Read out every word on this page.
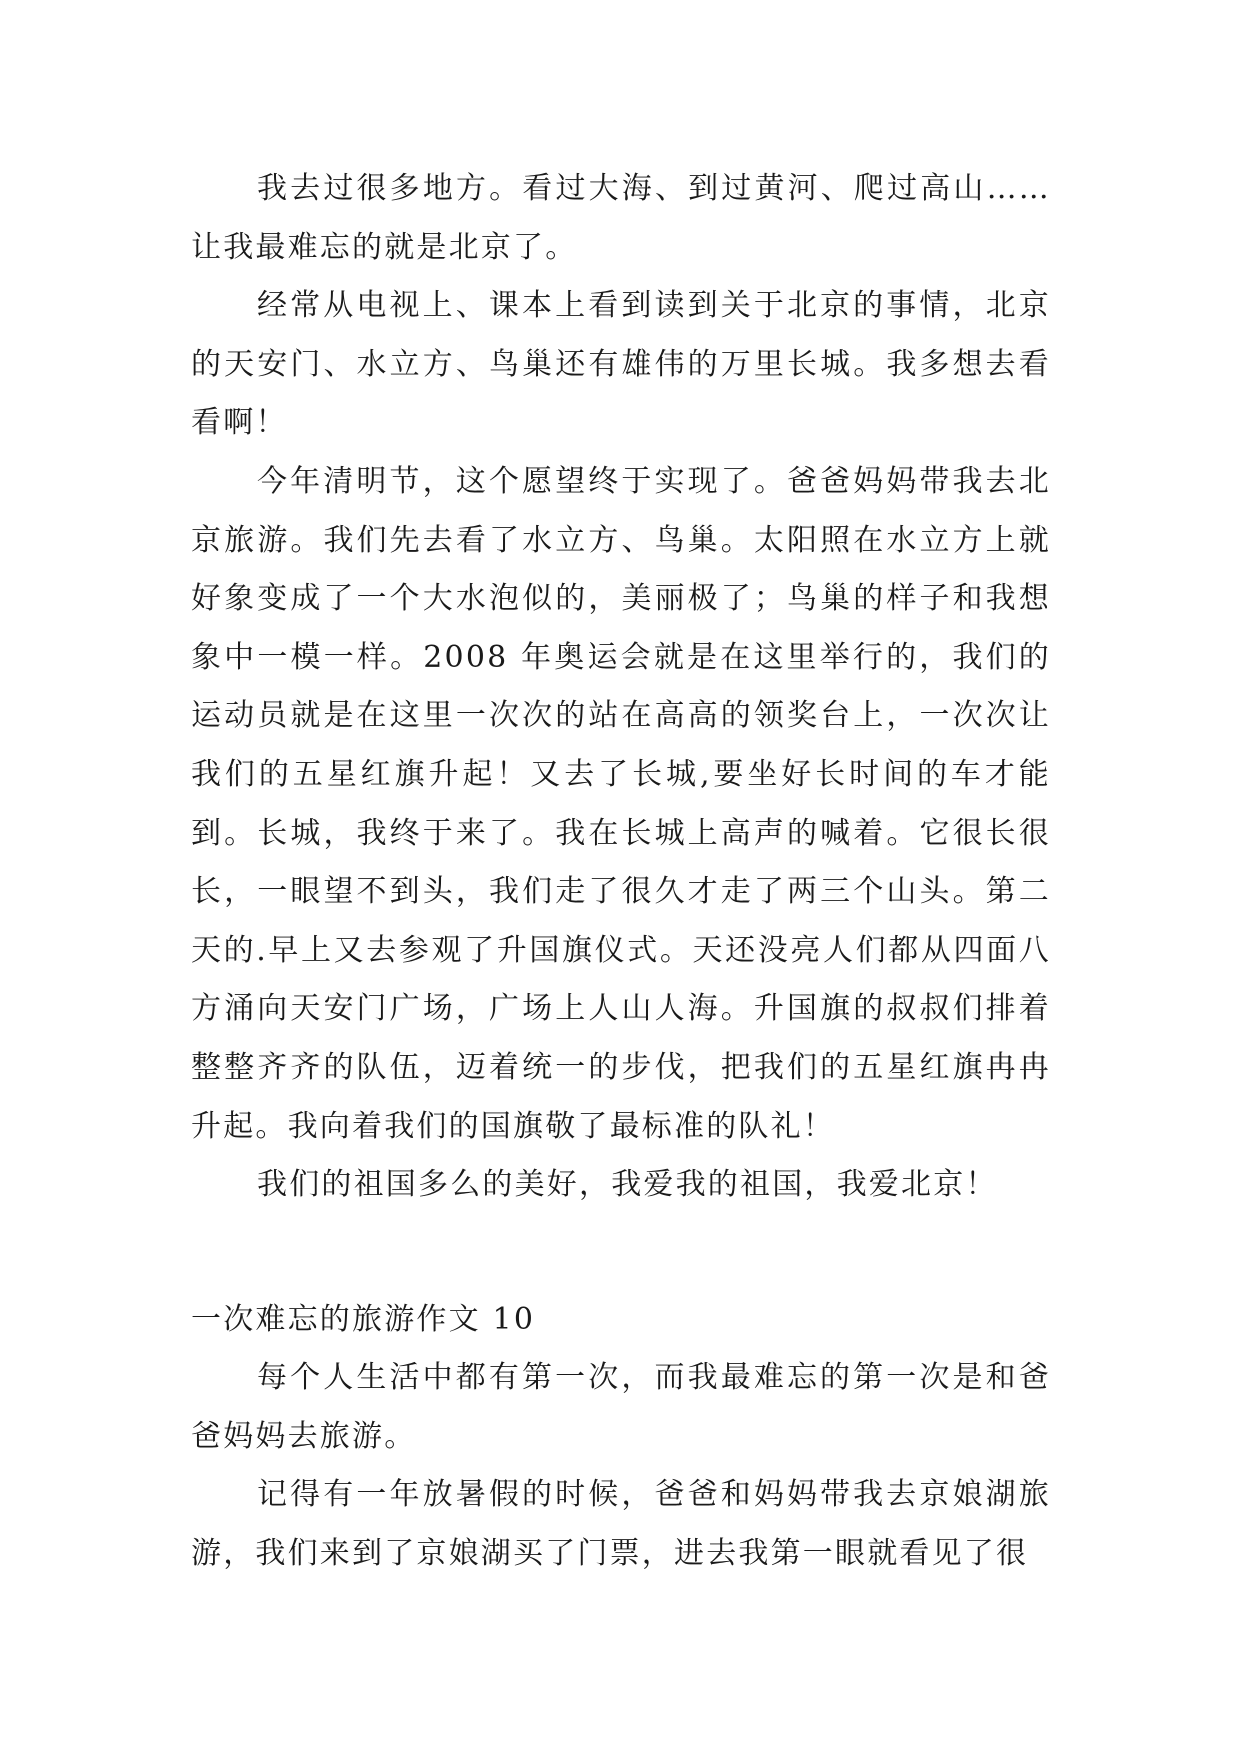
我去过很多地方。看过大海、到过黄河、爬过高山……让我最难忘的就是北京了。

经常从电视上、课本上看到读到关于北京的事情，北京的天安门、水立方、鸟巢还有雄伟的万里长城。我多想去看看啊！

今年清明节，这个愿望终于实现了。爸爸妈妈带我去北京旅游。我们先去看了水立方、鸟巢。太阳照在水立方上就好象变成了一个大水泡似的，美丽极了；鸟巢的样子和我想象中一模一样。2008 年奥运会就是在这里举行的，我们的运动员就是在这里一次次的站在高高的领奖台上，一次次让我们的五星红旗升起！又去了长城,要坐好长时间的车才能到。长城，我终于来了。我在长城上高声的喊着。它很长很长，一眼望不到头，我们走了很久才走了两三个山头。第二天的.早上又去参观了升国旗仪式。天还没亮人们都从四面八方涌向天安门广场，广场上人山人海。升国旗的叔叔们排着整整齐齐的队伍，迈着统一的步伐，把我们的五星红旗冉冉升起。我向着我们的国旗敬了最标准的队礼！

我们的祖国多么的美好，我爱我的祖国，我爱北京！

一次难忘的旅游作文 10

每个人生活中都有第一次，而我最难忘的第一次是和爸爸妈妈去旅游。

记得有一年放暑假的时候，爸爸和妈妈带我去京娘湖旅游，我们来到了京娘湖买了门票，进去我第一眼就看见了很
